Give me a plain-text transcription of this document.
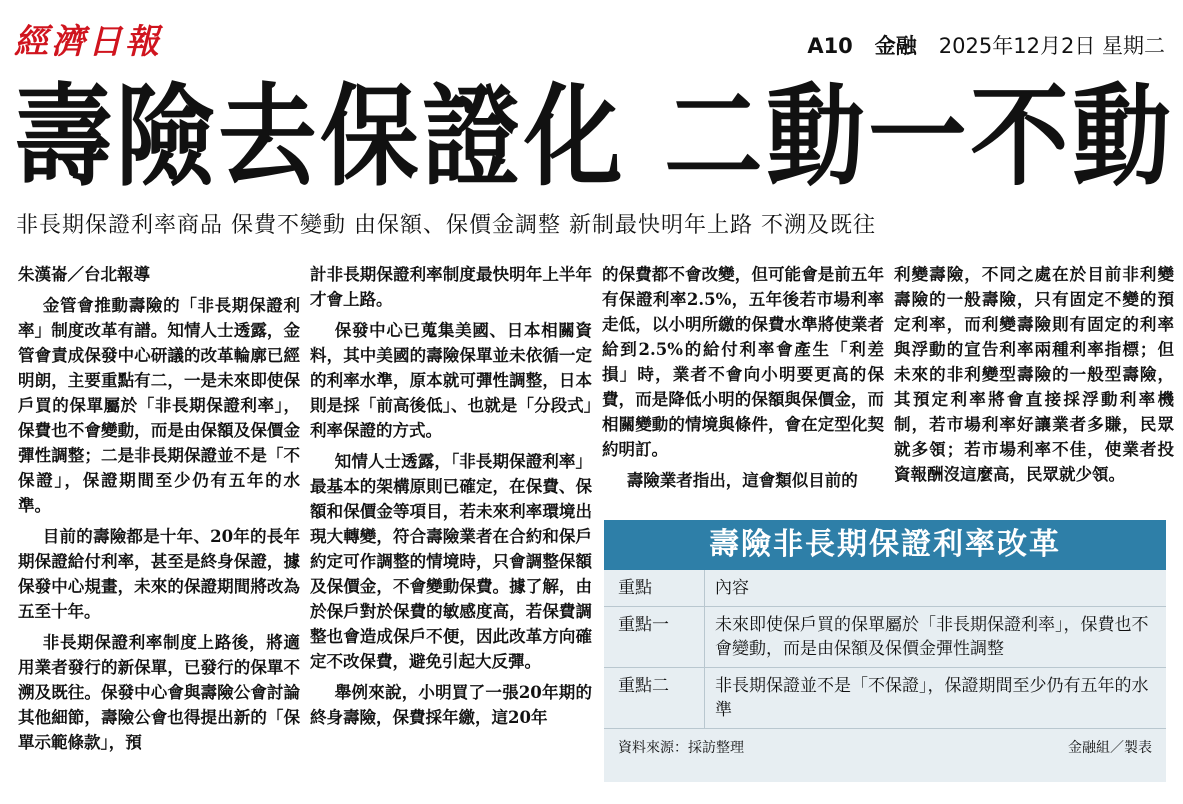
經濟日報	A10 金融 2025年12月2日 星期二
壽險去保證化 二動一不動
非長期保證利率商品 保費不變動 由保額、保價金調整 新制最快明年上路 不溯及既往

朱漢崙／台北報導

金管會推動壽險的「非長期保證利率」制度改革有譜。知情人士透露，金管會責成保發中心研議的改革輪廓已經明朗，主要重點有二，一是未來即使保戶買的保單屬於「非長期保證利率」，保費也不會變動，而是由保額及保價金彈性調整；二是非長期保證並不是「不保證」，保證期間至少仍有五年的水準。

目前的壽險都是十年、20年的長年期保證給付利率，甚至是終身保證，據保發中心規畫，未來的保證期間將改為五至十年。

非長期保證利率制度上路後，將適用業者發行的新保單，已發行的保單不溯及既往。保發中心會與壽險公會討論其他細節，壽險公會也得提出新的「保單示範條款」，預

計非長期保證利率制度最快明年上半年才會上路。

保發中心已蒐集美國、日本相關資料，其中美國的壽險保單並未依循一定的利率水準，原本就可彈性調整，日本則是採「前高後低」、也就是「分段式」利率保證的方式。

知情人士透露，「非長期保證利率」最基本的架構原則已確定，在保費、保額和保價金等項目，若未來利率環境出現大轉變，符合壽險業者在合約和保戶約定可作調整的情境時，只會調整保額及保價金，不會變動保費。據了解，由於保戶對於保費的敏感度高，若保費調整也會造成保戶不便，因此改革方向確定不改保費，避免引起大反彈。

舉例來說，小明買了一張20年期的終身壽險，保費採年繳，這20年

的保費都不會改變，但可能會是前五年有保證利率2.5%，五年後若市場利率走低，以小明所繳的保費水準將使業者給到2.5%的給付利率會產生「利差損」時，業者不會向小明要更高的保費，而是降低小明的保額與保價金，而相關變動的情境與條件，會在定型化契約明訂。

壽險業者指出，這會類似目前的

利變壽險，不同之處在於目前非利變壽險的一般壽險，只有固定不變的預定利率，而利變壽險則有固定的利率與浮動的宣告利率兩種利率指標；但未來的非利變型壽險的一般型壽險，其預定利率將會直接採浮動利率機制，若市場利率好讓業者多賺，民眾就多領；若市場利率不佳，使業者投資報酬沒這麼高，民眾就少領。

壽險非長期保證利率改革
重點	內容
重點一	未來即使保戶買的保單屬於「非長期保證利率」，保費也不會變動，而是由保額及保價金彈性調整
重點二	非長期保證並不是「不保證」，保證期間至少仍有五年的水準
資料來源：採訪整理	金融組／製表
